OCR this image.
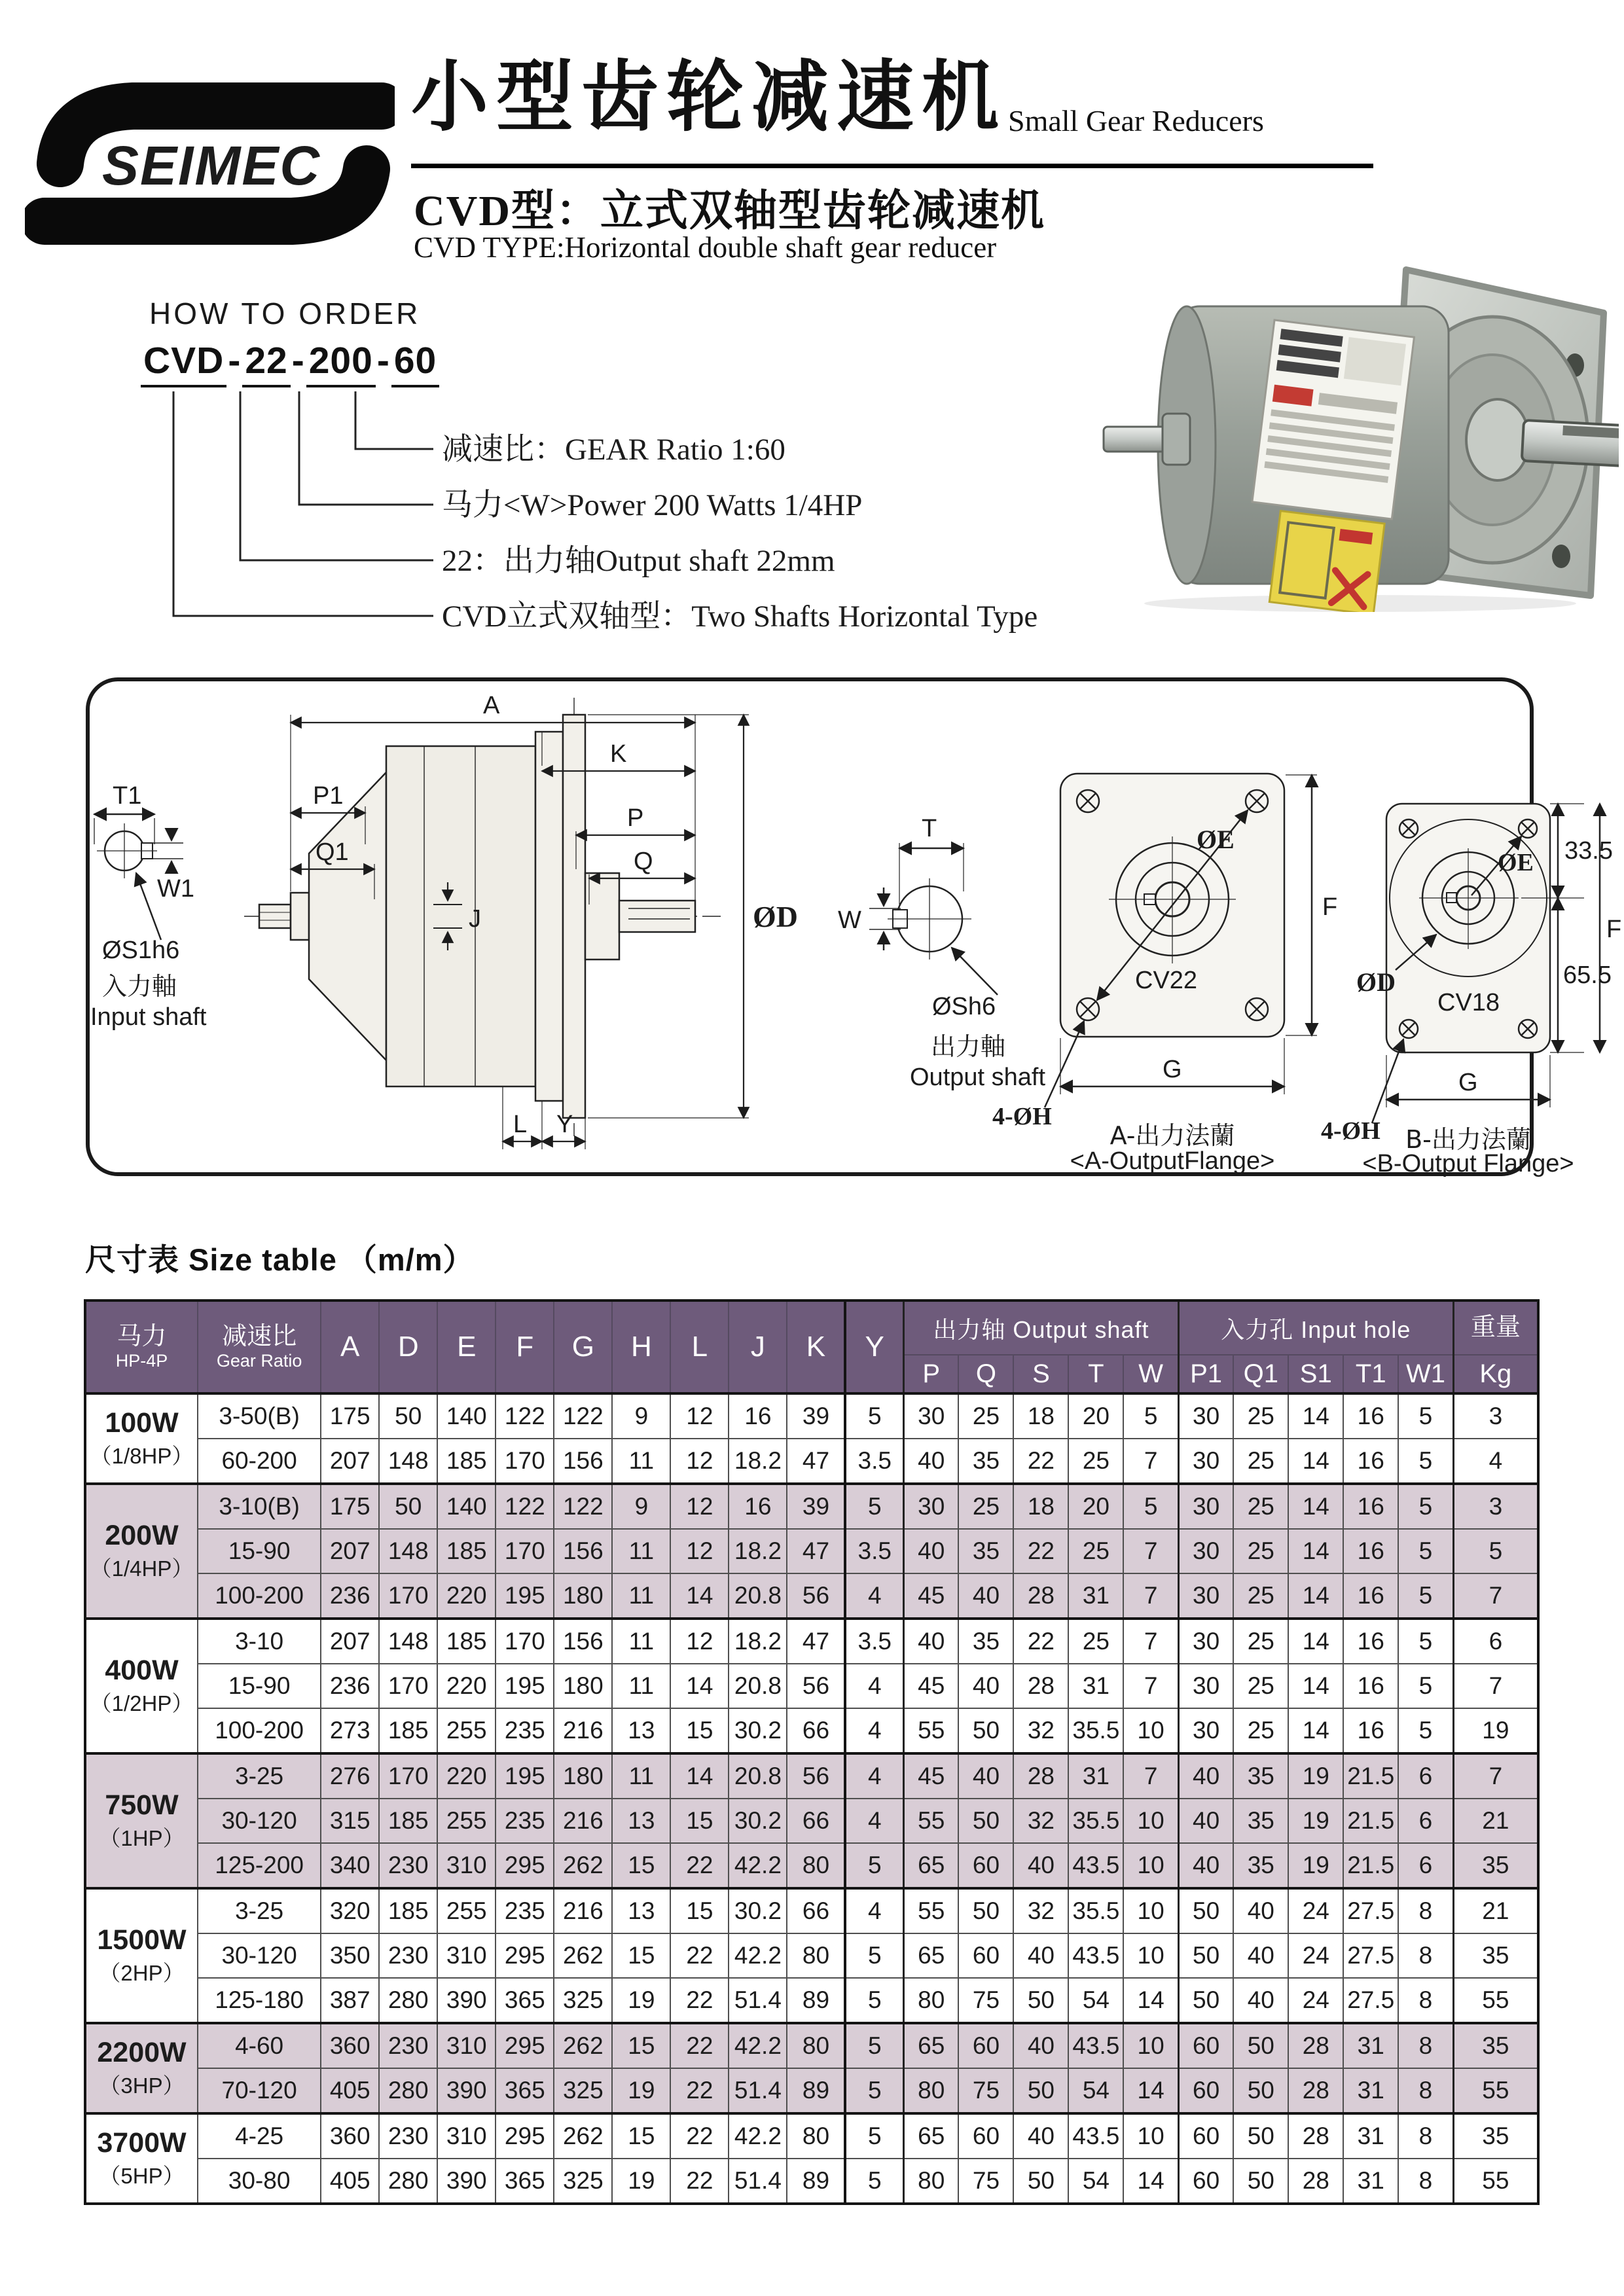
SEIMEC
小型齿轮减速机 Small Gear Reducers
CVD型：立式双轴型齿轮减速机
CVD TYPE:Horizontal double shaft gear reducer
HOW TO ORDER
CVD - 22 - 200 - 60
减速比：GEAR Ratio 1:60
马力<W>Power 200 Watts 1/4HP
22：出力轴Output shaft 22mm
CVD立式双轴型：Two Shafts Horizontal Type
T1
W1
ØS1h6
入力軸
Input shaft
A
K
P1
Q1
P
Q
J	ØD
L Y
T
W
ØSh6
出力軸
Output shaft
ØE
CV22
F
G
4-ØH
A-出力法蘭
<A-OutputFlange>
ØE
ØD
CV18
33.5
65.5
F
G
4-ØH B-出力法蘭
<B-Output Flange>
尺寸表 Size table （m/m）
马力
HP-4P

减速比
Gear Ratio	A	D	E	F	G	H	L	J	K	Y	出力轴 Output shaft	入力孔 Input hole	重量
												P	Q	S	T	W	P1	Q1	S1	T1	W1	Kg

100W
（1/8HP）	3-50(B)	175	50	140	122	122	9	12	16	39	5	30	25	18	20	5	30	25	14	16	5	3
	60-200	207	148	185	170	156	11	12	18.2	47	3.5	40	35	22	25	7	30	25	14	16	5	4

200W
（1/4HP）	3-10(B)	175	50	140	122	122	9	12	16	39	5	30	25	18	20	5	30	25	14	16	5	3
	15-90	207	148	185	170	156	11	12	18.2	47	3.5	40	35	22	25	7	30	25	14	16	5	5
	100-200	236	170	220	195	180	11	14	20.8	56	4	45	40	28	31	7	30	25	14	16	5	7

400W
（1/2HP）	3-10	207	148	185	170	156	11	12	18.2	47	3.5	40	35	22	25	7	30	25	14	16	5	6
	15-90	236	170	220	195	180	11	14	20.8	56	4	45	40	28	31	7	30	25	14	16	5	7
	100-200	273	185	255	235	216	13	15	30.2	66	4	55	50	32	35.5	10	30	25	14	16	5	19

750W
（1HP）	3-25	276	170	220	195	180	11	14	20.8	56	4	45	40	28	31	7	40	35	19	21.5	6	7
	30-120	315	185	255	235	216	13	15	30.2	66	4	55	50	32	35.5	10	40	35	19	21.5	6	21
	125-200	340	230	310	295	262	15	22	42.2	80	5	65	60	40	43.5	10	40	35	19	21.5	6	35

1500W
（2HP）	3-25	320	185	255	235	216	13	15	30.2	66	4	55	50	32	35.5	10	50	40	24	27.5	8	21
	30-120	350	230	310	295	262	15	22	42.2	80	5	65	60	40	43.5	10	50	40	24	27.5	8	35
	125-180	387	280	390	365	325	19	22	51.4	89	5	80	75	50	54	14	50	40	24	27.5	8	55

2200W
（3HP）	4-60	360	230	310	295	262	15	22	42.2	80	5	65	60	40	43.5	10	60	50	28	31	8	35
	70-120	405	280	390	365	325	19	22	51.4	89	5	80	75	50	54	14	60	50	28	31	8	55

3700W
（5HP）	4-25	360	230	310	295	262	15	22	42.2	80	5	65	60	40	43.5	10	60	50	28	31	8	35
	30-80	405	280	390	365	325	19	22	51.4	89	5	80	75	50	54	14	60	50	28	31	8	55
